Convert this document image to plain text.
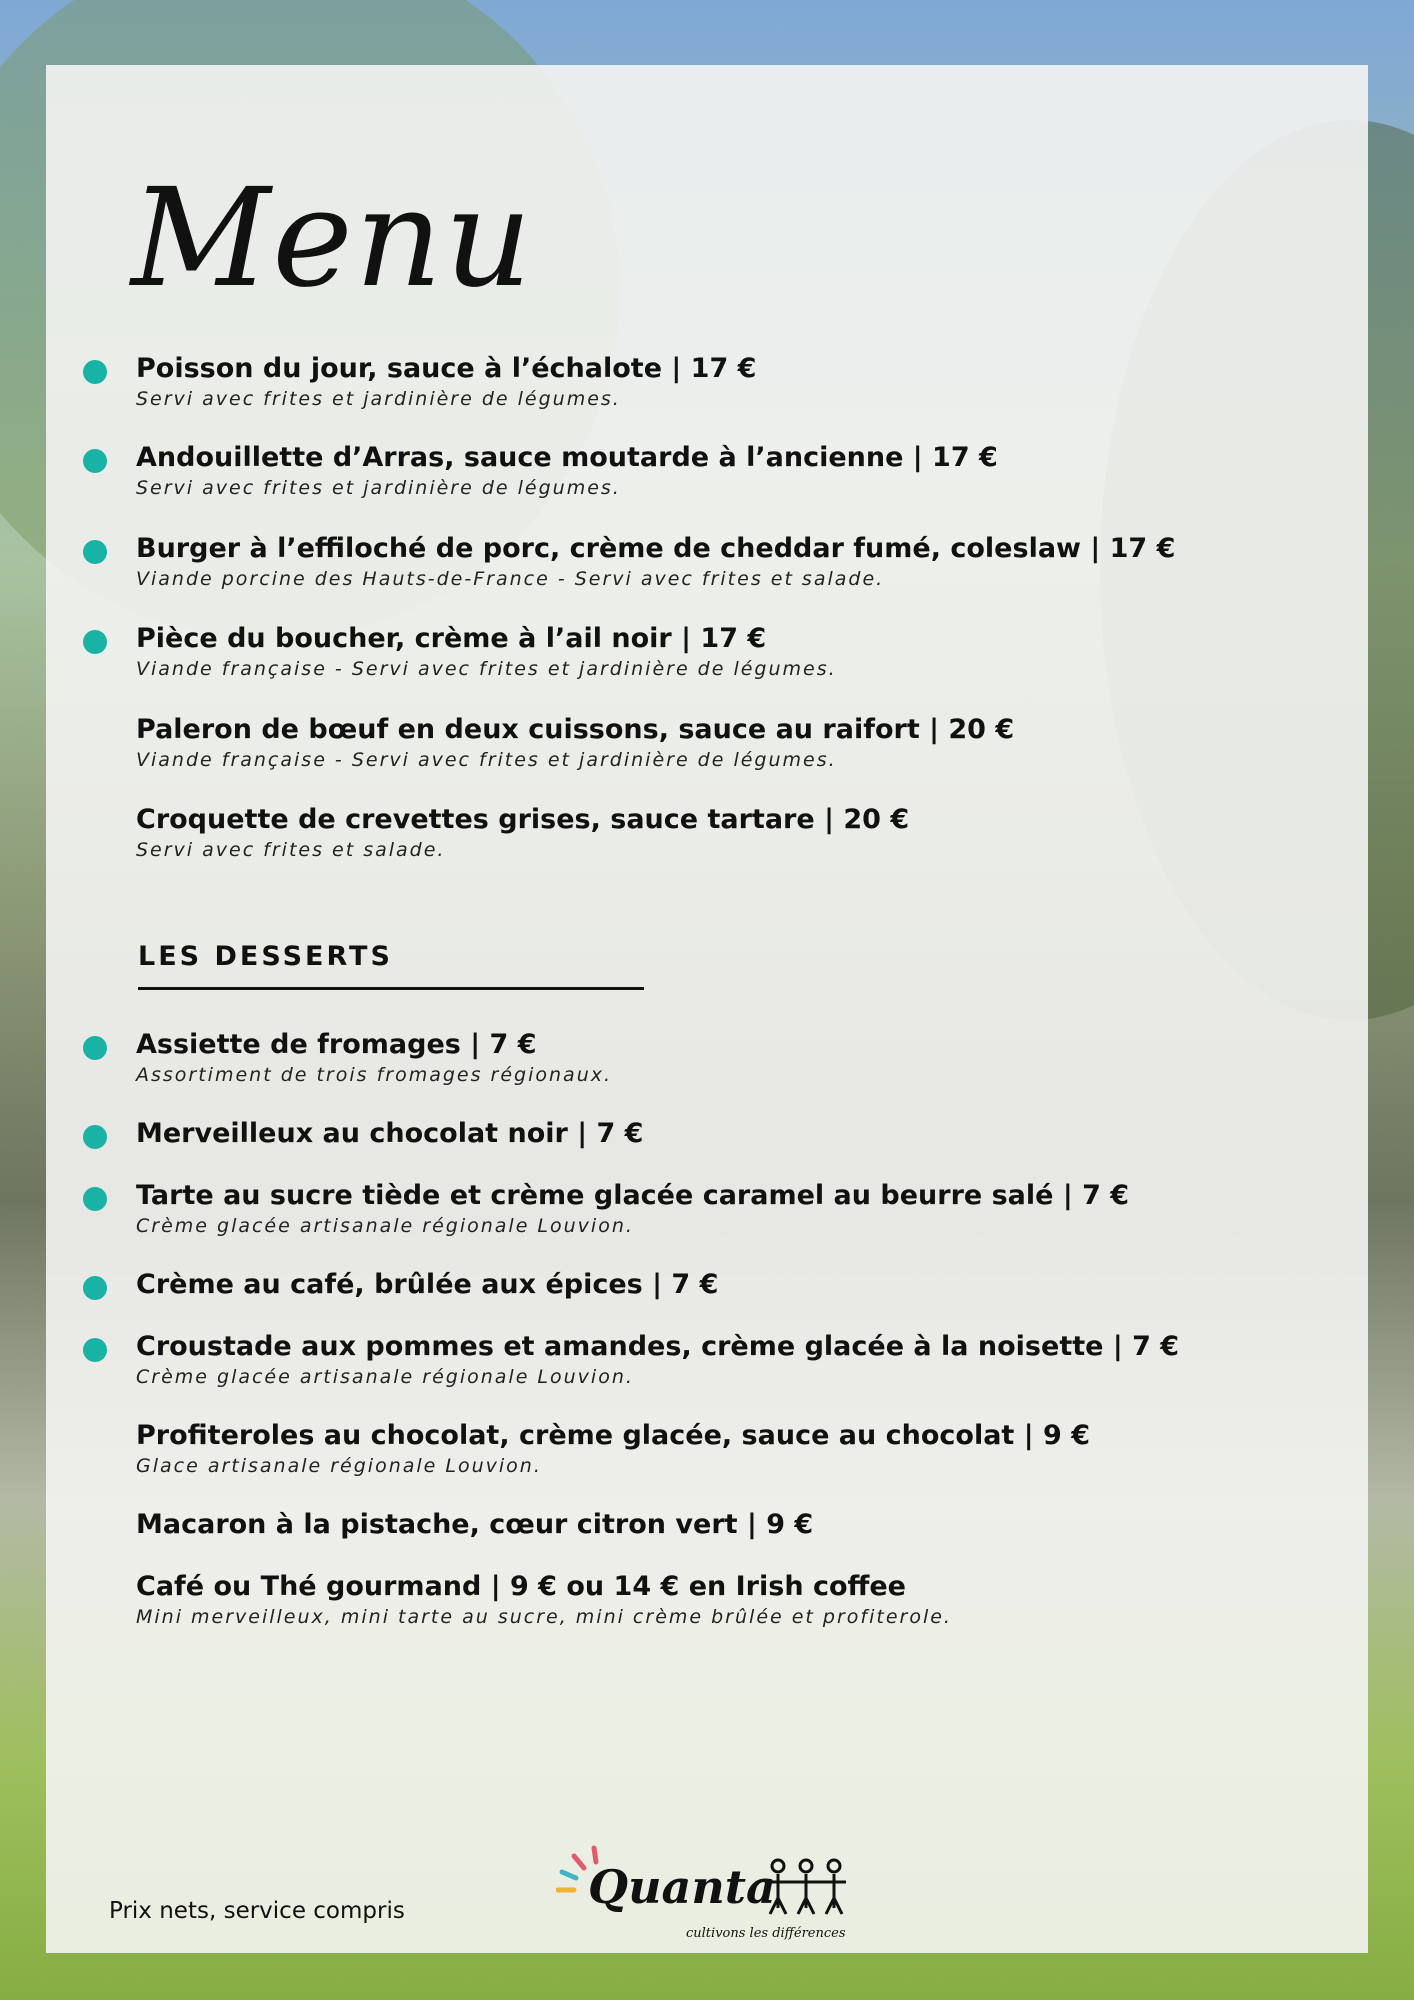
Menu
Poisson du jour, sauce à l’échalote | 17 €
Servi avec frites et jardinière de légumes.
Andouillette d’Arras, sauce moutarde à l’ancienne | 17 €
Servi avec frites et jardinière de légumes.
Burger à l’effiloché de porc, crème de cheddar fumé, coleslaw | 17 €
Viande porcine des Hauts-de-France - Servi avec frites et salade.
Pièce du boucher, crème à l’ail noir | 17 €
Viande française - Servi avec frites et jardinière de légumes.
Paleron de bœuf en deux cuissons, sauce au raifort | 20 €
Viande française - Servi avec frites et jardinière de légumes.
Croquette de crevettes grises, sauce tartare | 20 €
Servi avec frites et salade.
LES DESSERTS
Assiette de fromages | 7 €
Assortiment de trois fromages régionaux.
Merveilleux au chocolat noir | 7 €
Tarte au sucre tiède et crème glacée caramel au beurre salé | 7 €
Crème glacée artisanale régionale Louvion.
Crème au café, brûlée aux épices | 7 €
Croustade aux pommes et amandes, crème glacée à la noisette | 7 €
Crème glacée artisanale régionale Louvion.
Profiteroles au chocolat, crème glacée, sauce au chocolat | 9 €
Glace artisanale régionale Louvion.
Macaron à la pistache, cœur citron vert | 9 €
Café ou Thé gourmand | 9 € ou 14 € en Irish coffee
Mini merveilleux, mini tarte au sucre, mini crème brûlée et profiterole.
Prix nets, service compris	Quanta
cultivons les différences
